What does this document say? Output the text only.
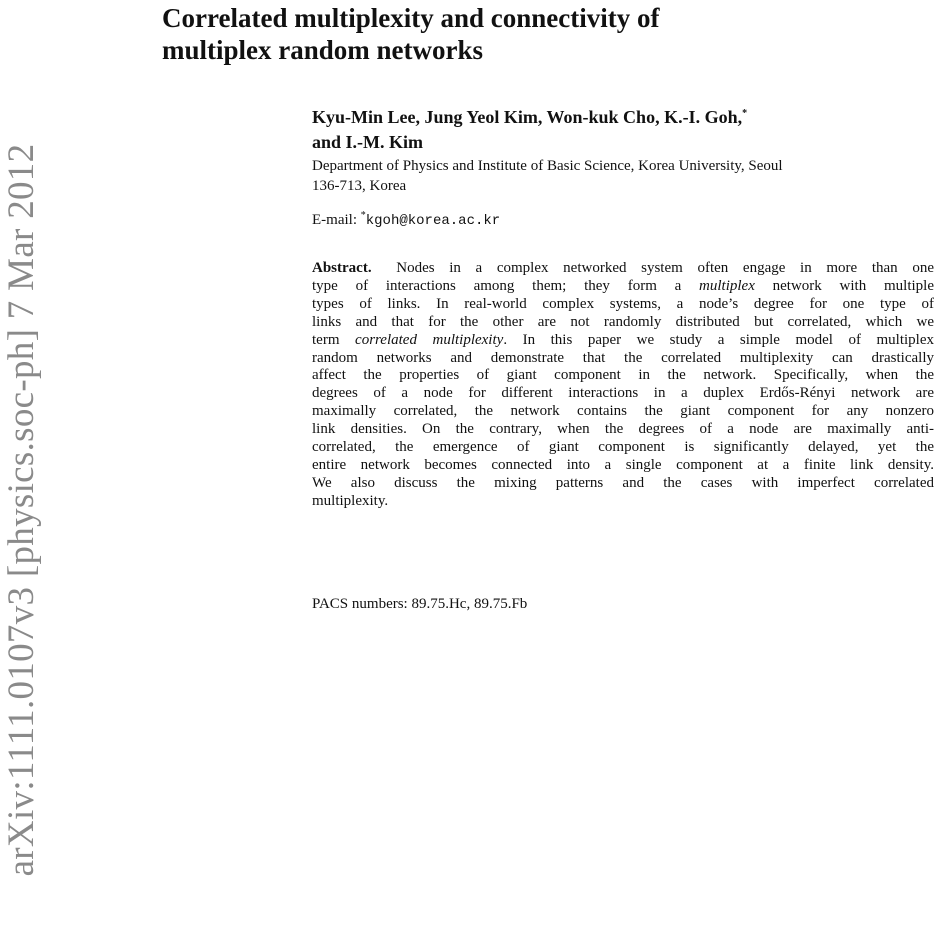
arXiv:1111.0107v3 [physics.soc-ph] 7 Mar 2012
Correlated multiplexity and connectivity of
multiplex random networks
Kyu-Min Lee, Jung Yeol Kim, Won-kuk Cho, K.-I. Goh,*
and I.-M. Kim
Department of Physics and Institute of Basic Science, Korea University, Seoul
136-713, Korea
E-mail: *kgoh@korea.ac.kr
Abstract. Nodes in a complex networked system often engage in more than one
type of interactions among them; they form a multiplex network with multiple
types of links. In real-world complex systems, a node’s degree for one type of
links and that for the other are not randomly distributed but correlated, which we
term correlated multiplexity. In this paper we study a simple model of multiplex
random networks and demonstrate that the correlated multiplexity can drastically
affect the properties of giant component in the network. Specifically, when the
degrees of a node for different interactions in a duplex Erdős-Rényi network are
maximally correlated, the network contains the giant component for any nonzero
link densities. On the contrary, when the degrees of a node are maximally anti-
correlated, the emergence of giant component is significantly delayed, yet the
entire network becomes connected into a single component at a finite link density.
We also discuss the mixing patterns and the cases with imperfect correlated
multiplexity.
PACS numbers: 89.75.Hc, 89.75.Fb
